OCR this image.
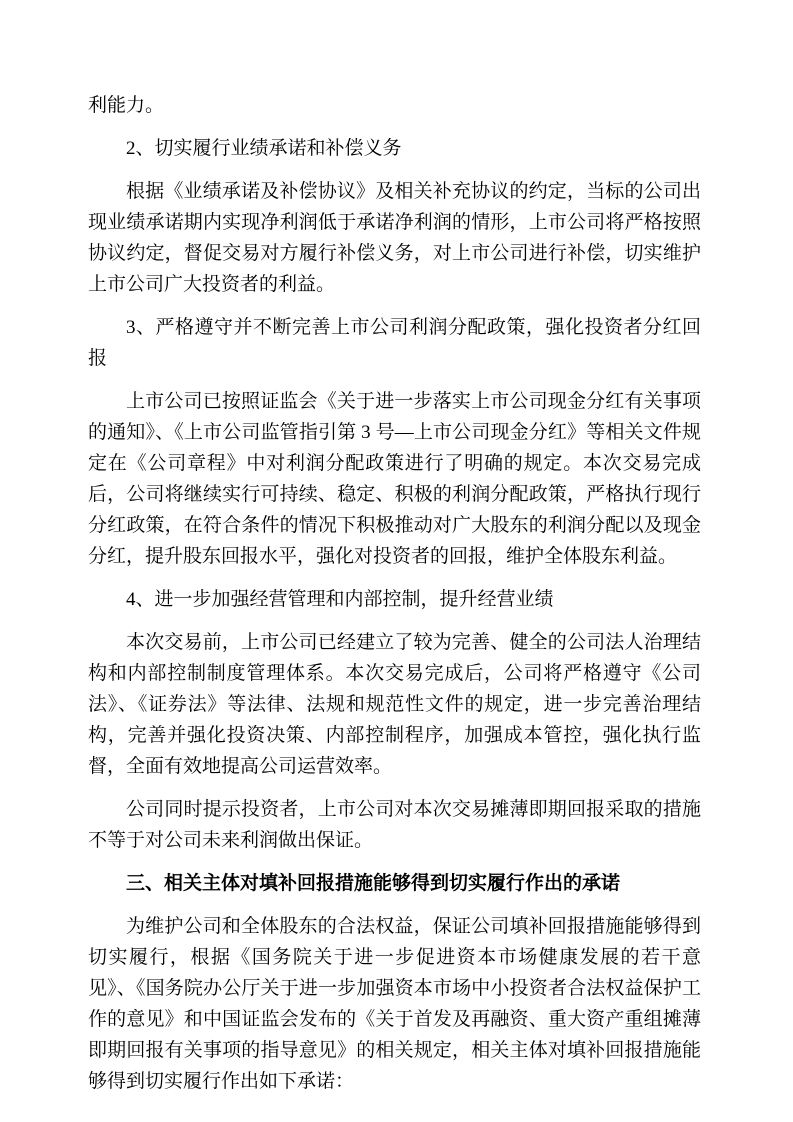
利能力。

2、切实履行业绩承诺和补偿义务

根据《业绩承诺及补偿协议》及相关补充协议的约定，当标的公司出现业绩承诺期内实现净利润低于承诺净利润的情形，上市公司将严格按照协议约定，督促交易对方履行补偿义务，对上市公司进行补偿，切实维护上市公司广大投资者的利益。

3、严格遵守并不断完善上市公司利润分配政策，强化投资者分红回报

上市公司已按照证监会《关于进一步落实上市公司现金分红有关事项的通知》、《上市公司监管指引第 3 号—上市公司现金分红》等相关文件规定在《公司章程》中对利润分配政策进行了明确的规定。本次交易完成后，公司将继续实行可持续、稳定、积极的利润分配政策，严格执行现行分红政策，在符合条件的情况下积极推动对广大股东的利润分配以及现金分红，提升股东回报水平，强化对投资者的回报，维护全体股东利益。

4、进一步加强经营管理和内部控制，提升经营业绩

本次交易前，上市公司已经建立了较为完善、健全的公司法人治理结构和内部控制制度管理体系。本次交易完成后，公司将严格遵守《公司法》、《证券法》等法律、法规和规范性文件的规定，进一步完善治理结构，完善并强化投资决策、内部控制程序，加强成本管控，强化执行监督，全面有效地提高公司运营效率。

公司同时提示投资者，上市公司对本次交易摊薄即期回报采取的措施不等于对公司未来利润做出保证。

三、相关主体对填补回报措施能够得到切实履行作出的承诺

为维护公司和全体股东的合法权益，保证公司填补回报措施能够得到切实履行，根据《国务院关于进一步促进资本市场健康发展的若干意见》、《国务院办公厅关于进一步加强资本市场中小投资者合法权益保护工作的意见》和中国证监会发布的《关于首发及再融资、重大资产重组摊薄即期回报有关事项的指导意见》的相关规定，相关主体对填补回报措施能够得到切实履行作出如下承诺：
